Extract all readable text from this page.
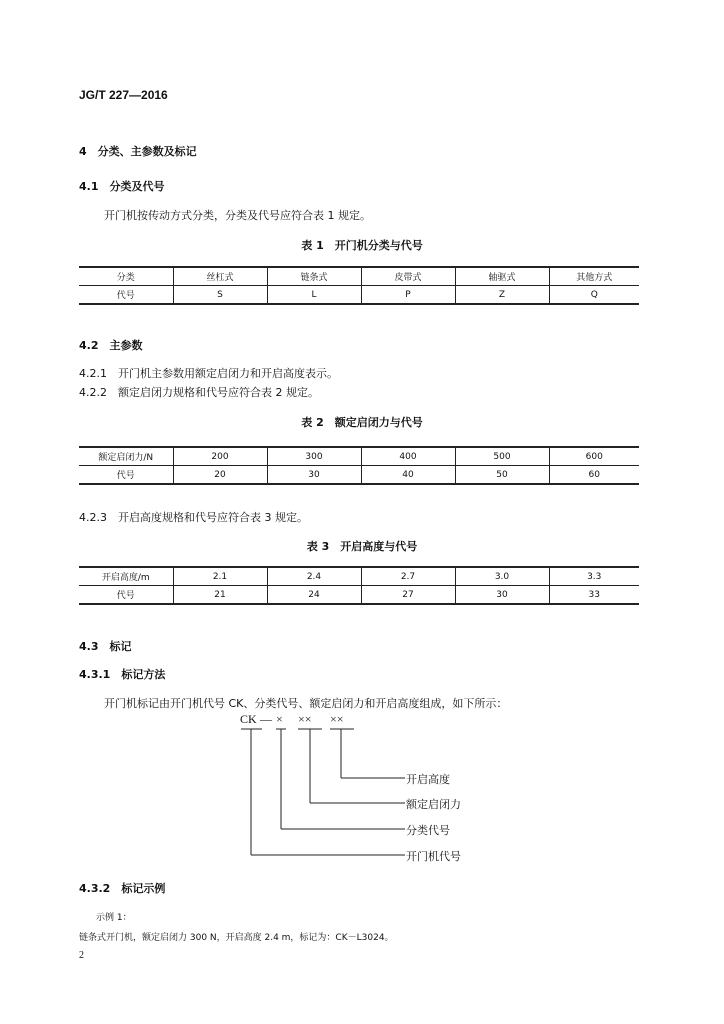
JG/T 227—2016
4　分类、主参数及标记
4.1　分类及代号
开门机按传动方式分类，分类及代号应符合表 1 规定。
表 1　开门机分类与代号
分类	丝杠式	链条式	皮带式	轴驱式	其他方式
代号	S	L	P	Z	Q
4.2　主参数
4.2.1　开门机主参数用额定启闭力和开启高度表示。
4.2.2　额定启闭力规格和代号应符合表 2 规定。
表 2　额定启闭力与代号
额定启闭力/N	200	300	400	500	600
代号	20	30	40	50	60
4.2.3　开启高度规格和代号应符合表 3 规定。
表 3　开启高度与代号
开启高度/m	2.1	2.4	2.7	3.0	3.3
代号	21	24	27	30	33
4.3　标记
4.3.1　标记方法
开门机标记由开门机代号 CK、分类代号、额定启闭力和开启高度组成，如下所示：
CK — × ×× ××
开启高度
额定启闭力
分类代号
开门机代号
4.3.2　标记示例
示例 1：
链条式开门机，额定启闭力 300 N，开启高度 2.4 m，标记为：CK－L3024。
2
